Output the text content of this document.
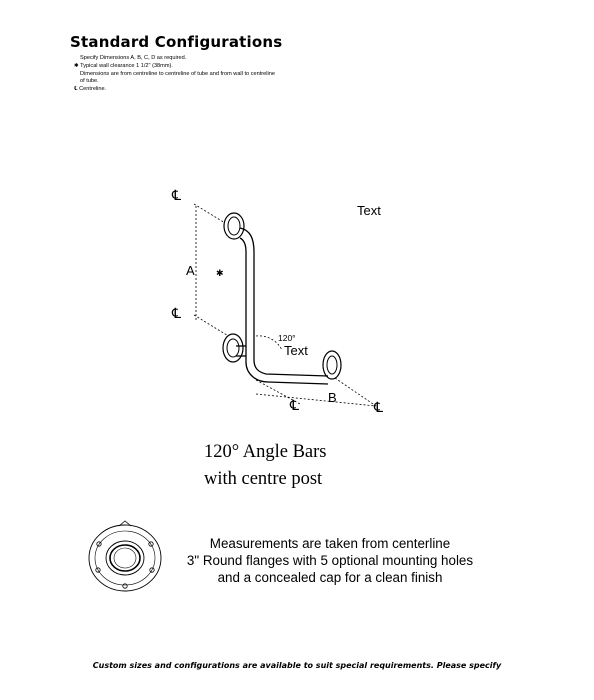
Standard Configurations
Specify Dimensions A, B, C, D as required.
✱ Typical wall clearance 1 1/2" (38mm).
Dimensions are from centreline to centreline of tube and from wall to centreline of tube.
℄ Centreline.
℄
℄
℄	℄
✱
A
B
120°
Text
Text
120° Angle Bars
with centre post
Measurements are taken from centerline
3" Round flanges with 5 optional mounting holes
and a concealed cap for a clean finish
Custom sizes and configurations are available to suit special requirements. Please specify
